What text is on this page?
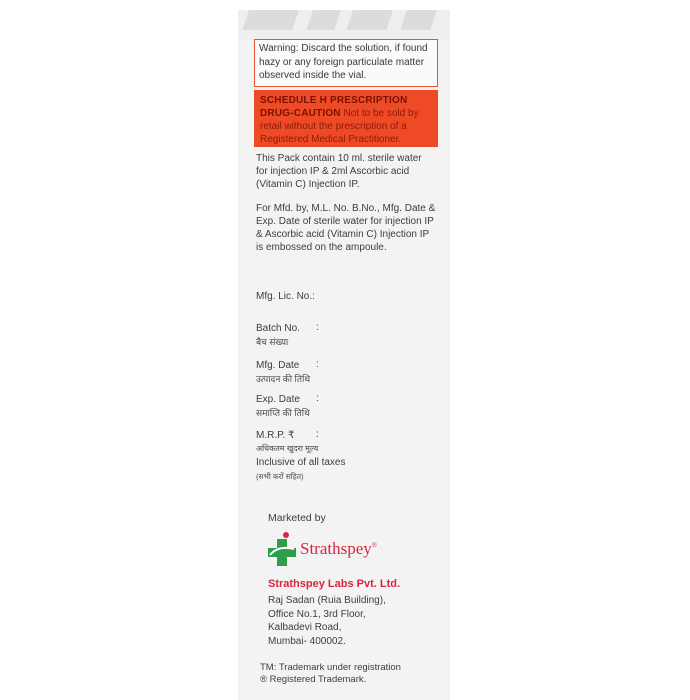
Warning: Discard the solution, if found hazy or any foreign particulate matter observed inside the vial.
SCHEDULE H PRESCRIPTION DRUG-CAUTION Not to be sold by retail without the prescription of a Registered Medical Practitioner.
This Pack contain 10 ml. sterile water for injection IP & 2ml Ascorbic acid (Vitamin C) Injection IP.
For Mfd. by, M.L. No. B.No., Mfg. Date & Exp. Date of sterile water for injection IP & Ascorbic acid (Vitamin C) Injection IP is embossed on the ampoule.
Mfg. Lic. No.:
Batch No. :
बैच संख्या
Mfg. Date :
उत्पादन की तिथि
Exp. Date :
समाप्ति की तिथि
M.R.P. ₹ :
अधिकतम खुदरा मूल्य
Inclusive of all taxes
(सभी करों सहित)
Marketed by
Strathspey®
Strathspey Labs Pvt. Ltd.
Raj Sadan (Ruia Building),
Office No.1, 3rd Floor,
Kalbadevi Road,
Mumbai- 400002.
TM: Trademark under registration
® Registered Trademark.
